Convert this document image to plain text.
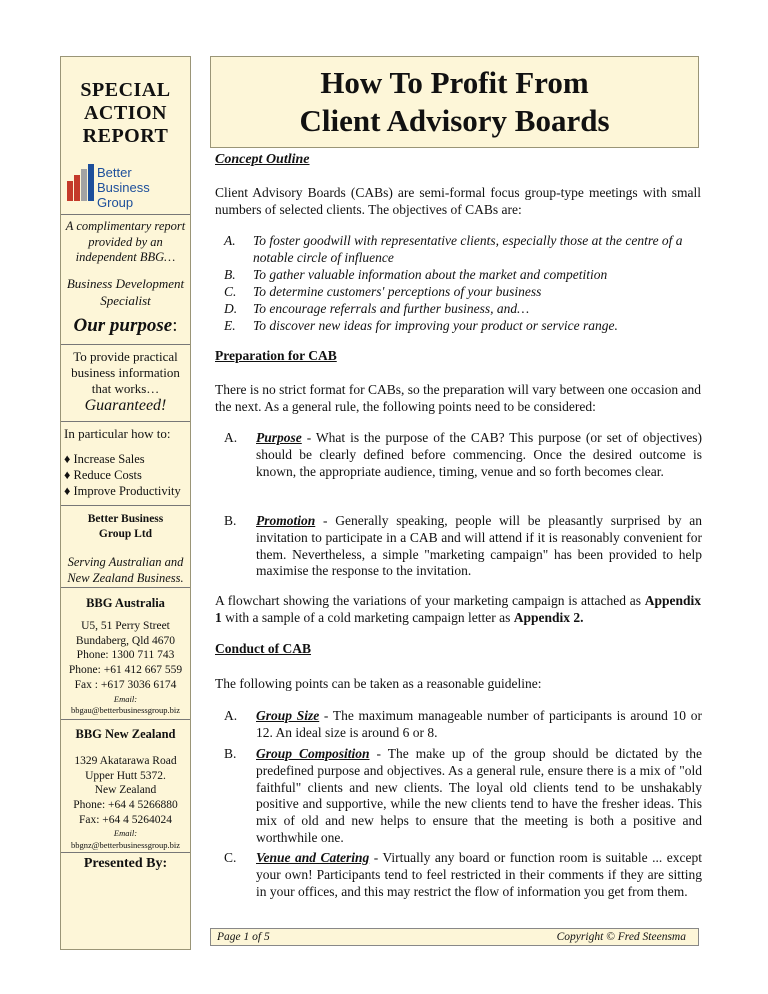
SPECIAL
ACTION
REPORT
Better Business
Group
A complimentary report
provided by an
independent BBG…
Business Development
Specialist
Our purpose:
To provide practical
business information
that works…
Guaranteed!
In particular how to:
♦ Increase Sales
♦ Reduce Costs
♦ Improve Productivity
Better Business
Group Ltd
Serving Australian and
New Zealand Business.
BBG Australia
U5, 51 Perry Street
Bundaberg, Qld 4670
Phone: 1300 711 743
Phone: +61 412 667 559
Fax : +617 3036 6174
Email:
bbgau@betterbusinessgroup.biz
BBG New Zealand
1329 Akatarawa Road
Upper Hutt 5372.
New Zealand
Phone: +64 4 5266880
Fax: +64 4 5264024
Email:
bbgnz@betterbusinessgroup.biz
Presented By:
How To Profit From
Client Advisory Boards
Concept Outline
Client Advisory Boards (CABs) are semi-formal focus group-type meetings with small numbers of selected clients. The objectives of CABs are:
A. To foster goodwill with representative clients, especially those at the centre of a notable circle of influence
B. To gather valuable information about the market and competition
C. To determine customers' perceptions of your business
D. To encourage referrals and further business, and…
E. To discover new ideas for improving your product or service range.
Preparation for CAB
There is no strict format for CABs, so the preparation will vary between one occasion and the next. As a general rule, the following points need to be considered:
A. Purpose - What is the purpose of the CAB? This purpose (or set of objectives) should be clearly defined before commencing. Once the desired outcome is known, the appropriate audience, timing, venue and so forth becomes clear.
B. Promotion - Generally speaking, people will be pleasantly surprised by an invitation to participate in a CAB and will attend if it is reasonably convenient for them. Nevertheless, a simple "marketing campaign" has been provided to help maximise the response to the invitation.
A flowchart showing the variations of your marketing campaign is attached as Appendix 1 with a sample of a cold marketing campaign letter as Appendix 2.
Conduct of CAB
The following points can be taken as a reasonable guideline:
A. Group Size - The maximum manageable number of participants is around 10 or 12. An ideal size is around 6 or 8.
B. Group Composition - The make up of the group should be dictated by the predefined purpose and objectives. As a general rule, ensure there is a mix of "old faithful" clients and new clients. The loyal old clients tend to be unshakably positive and supportive, while the new clients tend to have the fresher ideas. This mix of old and new helps to ensure that the meeting is both a positive and worthwhile one.
C. Venue and Catering - Virtually any board or function room is suitable ... except your own! Participants tend to feel restricted in their comments if they are sitting in your offices, and this may restrict the flow of information you get from them.
Page 1 of 5	Copyright © Fred Steensma
